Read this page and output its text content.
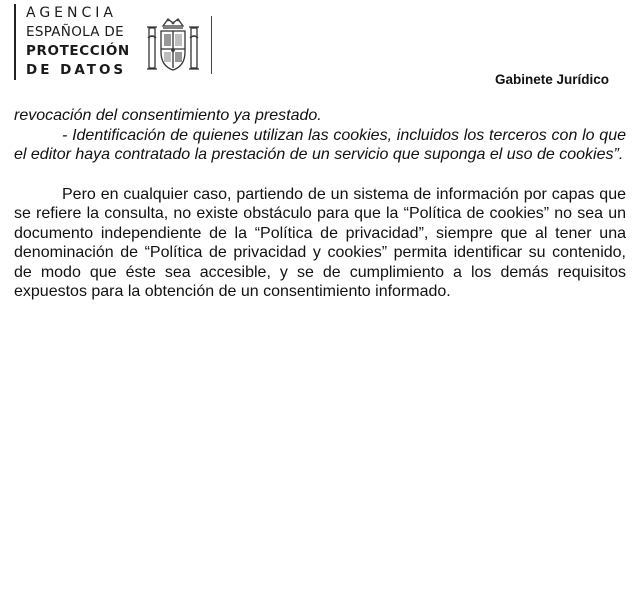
AGENCIA
ESPAÑOLA DE
PROTECCIÓN
DE DATOS
Gabinete Jurídico

revocación del consentimiento ya prestado.

- Identificación de quienes utilizan las cookies, incluidos los terceros con lo que el editor haya contratado la prestación de un servicio que suponga el uso de cookies”.

Pero en cualquier caso, partiendo de un sistema de información por capas que se refiere la consulta, no existe obstáculo para que la “Política de cookies” no sea un documento independiente de la “Política de privacidad”, siempre que al tener una denominación de “Política de privacidad y cookies” permita identificar su contenido, de modo que éste sea accesible, y se de cumplimiento a los demás requisitos expuestos para la obtención de un consentimiento informado.
